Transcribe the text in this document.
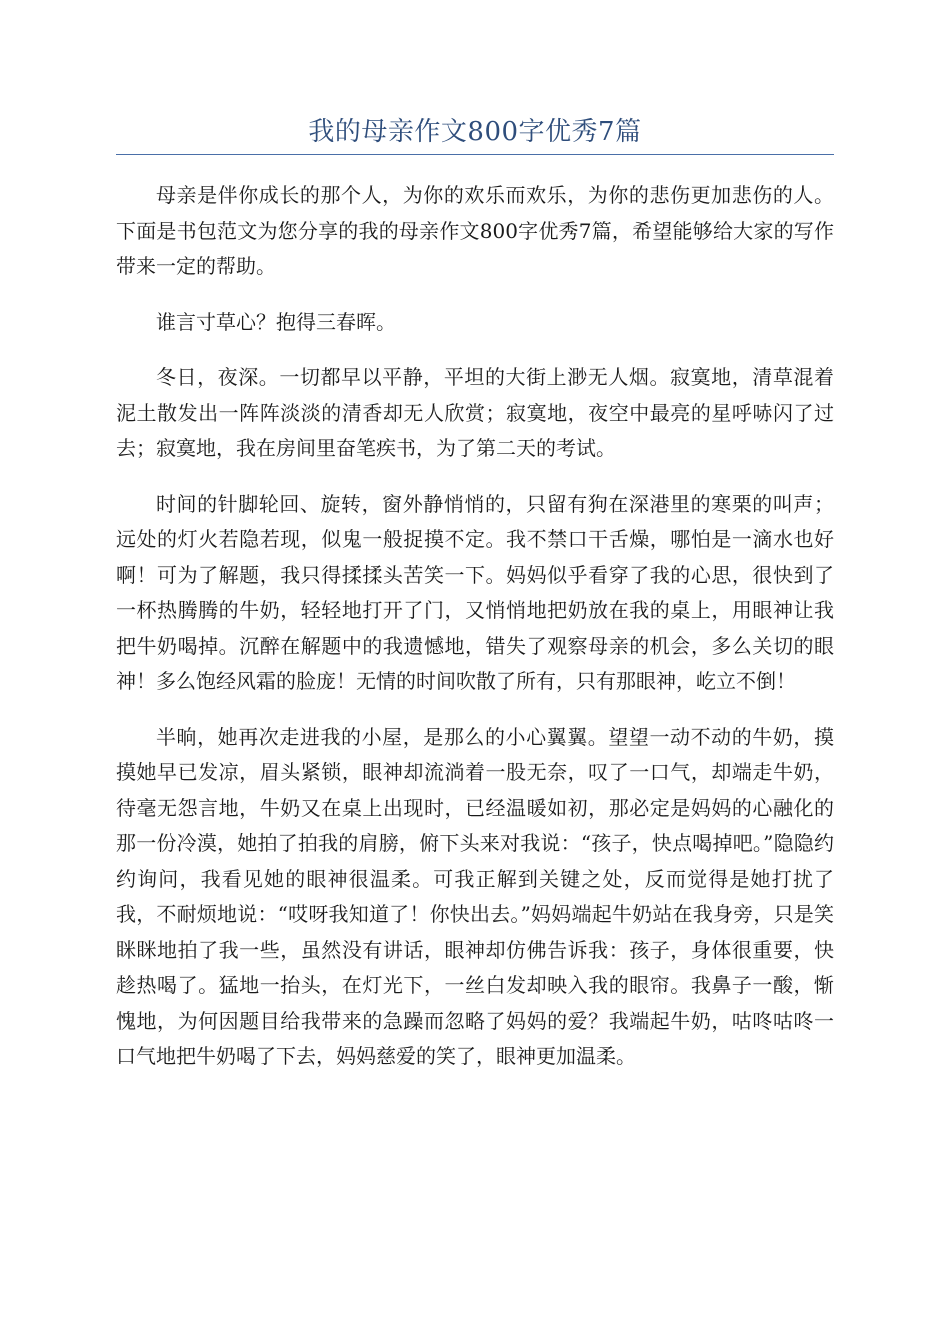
我的母亲作文800字优秀7篇

母亲是伴你成长的那个人，为你的欢乐而欢乐，为你的悲伤更加悲伤的人。下面是书包范文为您分享的我的母亲作文800字优秀7篇，希望能够给大家的写作带来一定的帮助。

谁言寸草心？抱得三春晖。

冬日，夜深。一切都早以平静，平坦的大街上渺无人烟。寂寞地，清草混着泥土散发出一阵阵淡淡的清香却无人欣赏；寂寞地，夜空中最亮的星呼哧闪了过去；寂寞地，我在房间里奋笔疾书，为了第二天的考试。

时间的针脚轮回、旋转，窗外静悄悄的，只留有狗在深港里的寒栗的叫声；远处的灯火若隐若现，似鬼一般捉摸不定。我不禁口干舌燥，哪怕是一滴水也好啊！可为了解题，我只得揉揉头苦笑一下。妈妈似乎看穿了我的心思，很快到了一杯热腾腾的牛奶，轻轻地打开了门，又悄悄地把奶放在我的桌上，用眼神让我把牛奶喝掉。沉醉在解题中的我遗憾地，错失了观察母亲的机会，多么关切的眼神！多么饱经风霜的脸庞！无情的时间吹散了所有，只有那眼神，屹立不倒！

半晌，她再次走进我的小屋，是那么的小心翼翼。望望一动不动的牛奶，摸摸她早已发凉，眉头紧锁，眼神却流淌着一股无奈，叹了一口气，却端走牛奶，待毫无怨言地，牛奶又在桌上出现时，已经温暖如初，那必定是妈妈的心融化的那一份冷漠，她拍了拍我的肩膀，俯下头来对我说：“孩子，快点喝掉吧。”隐隐约约询问，我看见她的眼神很温柔。可我正解到关键之处，反而觉得是她打扰了我，不耐烦地说：“哎呀我知道了！你快出去。”妈妈端起牛奶站在我身旁，只是笑眯眯地拍了我一些，虽然没有讲话，眼神却仿佛告诉我：孩子，身体很重要，快趁热喝了。猛地一抬头，在灯光下，一丝白发却映入我的眼帘。我鼻子一酸，惭愧地，为何因题目给我带来的急躁而忽略了妈妈的爱？我端起牛奶，咕咚咕咚一口气地把牛奶喝了下去，妈妈慈爱的笑了，眼神更加温柔。
